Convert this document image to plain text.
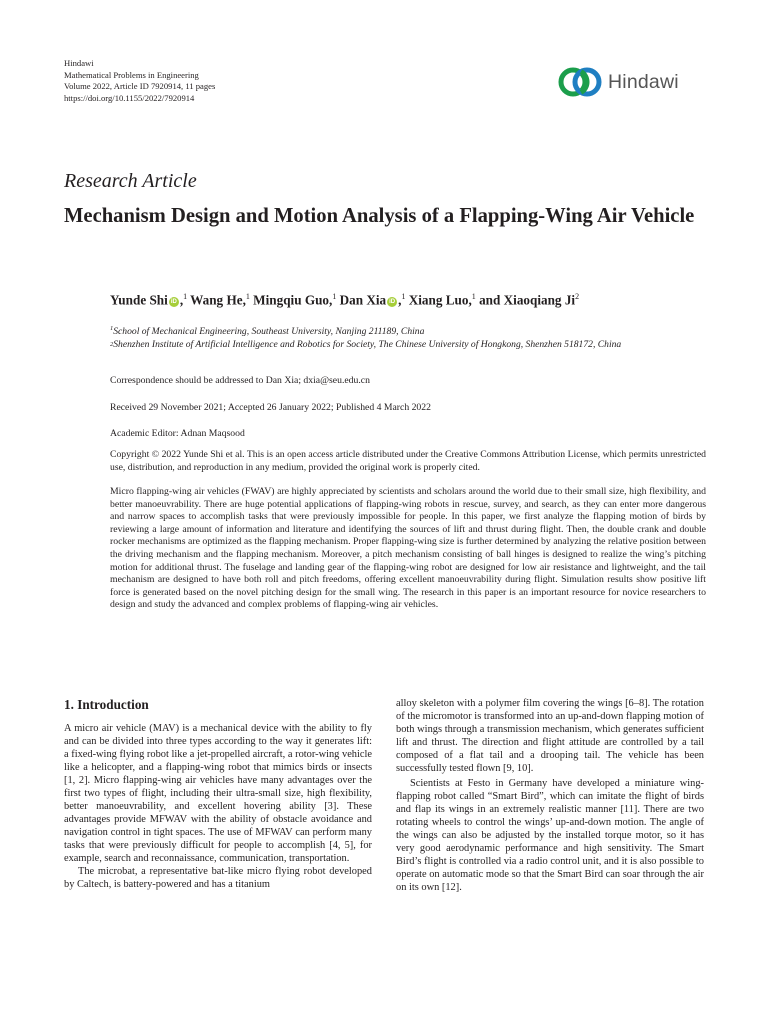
Hindawi
Mathematical Problems in Engineering
Volume 2022, Article ID 7920914, 11 pages
https://doi.org/10.1155/2022/7920914
Hindawi
Research Article
Mechanism Design and Motion Analysis of a Flapping-Wing Air Vehicle
Yunde Shi iD ,$^1$ Wang He,$^1$ Mingqiu Guo,$^1$ Dan Xia iD ,$^1$ Xiang Luo,$^1$ and Xiaoqiang Ji$^2$
$^1$School of Mechanical Engineering, Southeast University, Nanjing 211189, China
$^2$Shenzhen Institute of Artificial Intelligence and Robotics for Society, The Chinese University of Hongkong, Shenzhen 518172, China
Correspondence should be addressed to Dan Xia; dxia@seu.edu.cn
Received 29 November 2021; Accepted 26 January 2022; Published 4 March 2022
Academic Editor: Adnan Maqsood
Copyright © 2022 Yunde Shi et al. This is an open access article distributed under the Creative Commons Attribution License, which permits unrestricted use, distribution, and reproduction in any medium, provided the original work is properly cited.
Micro flapping-wing air vehicles (FWAV) are highly appreciated by scientists and scholars around the world due to their small size, high flexibility, and better manoeuvrability. There are huge potential applications of flapping-wing robots in rescue, survey, and search, as they can enter more dangerous and narrow spaces to accomplish tasks that were previously impossible for people. In this paper, we first analyze the flapping motion of birds by reviewing a large amount of information and literature and identifying the sources of lift and thrust during flight. Then, the double crank and double rocker mechanisms are optimized as the flapping mechanism. Proper flapping-wing size is further determined by analyzing the relative position between the driving mechanism and the flapping mechanism. Moreover, a pitch mechanism consisting of ball hinges is designed to realize the wing’s pitching motion for additional thrust. The fuselage and landing gear of the flapping-wing robot are designed for low air resistance and lightweight, and the tail mechanism are designed to have both roll and pitch freedoms, offering excellent manoeuvrability during flight. Simulation results show positive lift force is generated based on the novel pitching design for the small wing. The research in this paper is an important resource for novice researchers to design and study the advanced and complex problems of flapping-wing air vehicles.
1. Introduction

A micro air vehicle (MAV) is a mechanical device with the ability to fly and can be divided into three types according to the way it generates lift: a fixed-wing flying robot like a jet-propelled aircraft, a rotor-wing vehicle like a helicopter, and a flapping-wing robot that mimics birds or insects [1, 2]. Micro flapping-wing air vehicles have many advantages over the first two types of flight, including their ultra-small size, high flexibility, better manoeuvrability, and excellent hovering ability [3]. These advantages provide MFWAV with the ability of obstacle avoidance and navigation control in tight spaces. The use of MFWAV can perform many tasks that were previously difficult for people to accomplish [4, 5], for example, search and reconnaissance, communication, transportation.

The microbat, a representative bat-like micro flying robot developed by Caltech, is battery-powered and has a titanium

alloy skeleton with a polymer film covering the wings [6–8]. The rotation of the micromotor is transformed into an up-and-down flapping motion of both wings through a transmission mechanism, which generates sufficient lift and thrust. The direction and flight attitude are controlled by a tail composed of a flat tail and a drooping tail. The vehicle has been successfully tested flown [9, 10].

Scientists at Festo in Germany have developed a miniature wing-flapping robot called “Smart Bird”, which can imitate the flight of birds and flap its wings in an extremely realistic manner [11]. There are two rotating wheels to control the wings’ up-and-down motion. The angle of the wings can also be adjusted by the installed torque motor, so it has very good aerodynamic performance and high sensitivity. The Smart Bird’s flight is controlled via a radio control unit, and it is also possible to operate on automatic mode so that the Smart Bird can soar through the air on its own [12].
